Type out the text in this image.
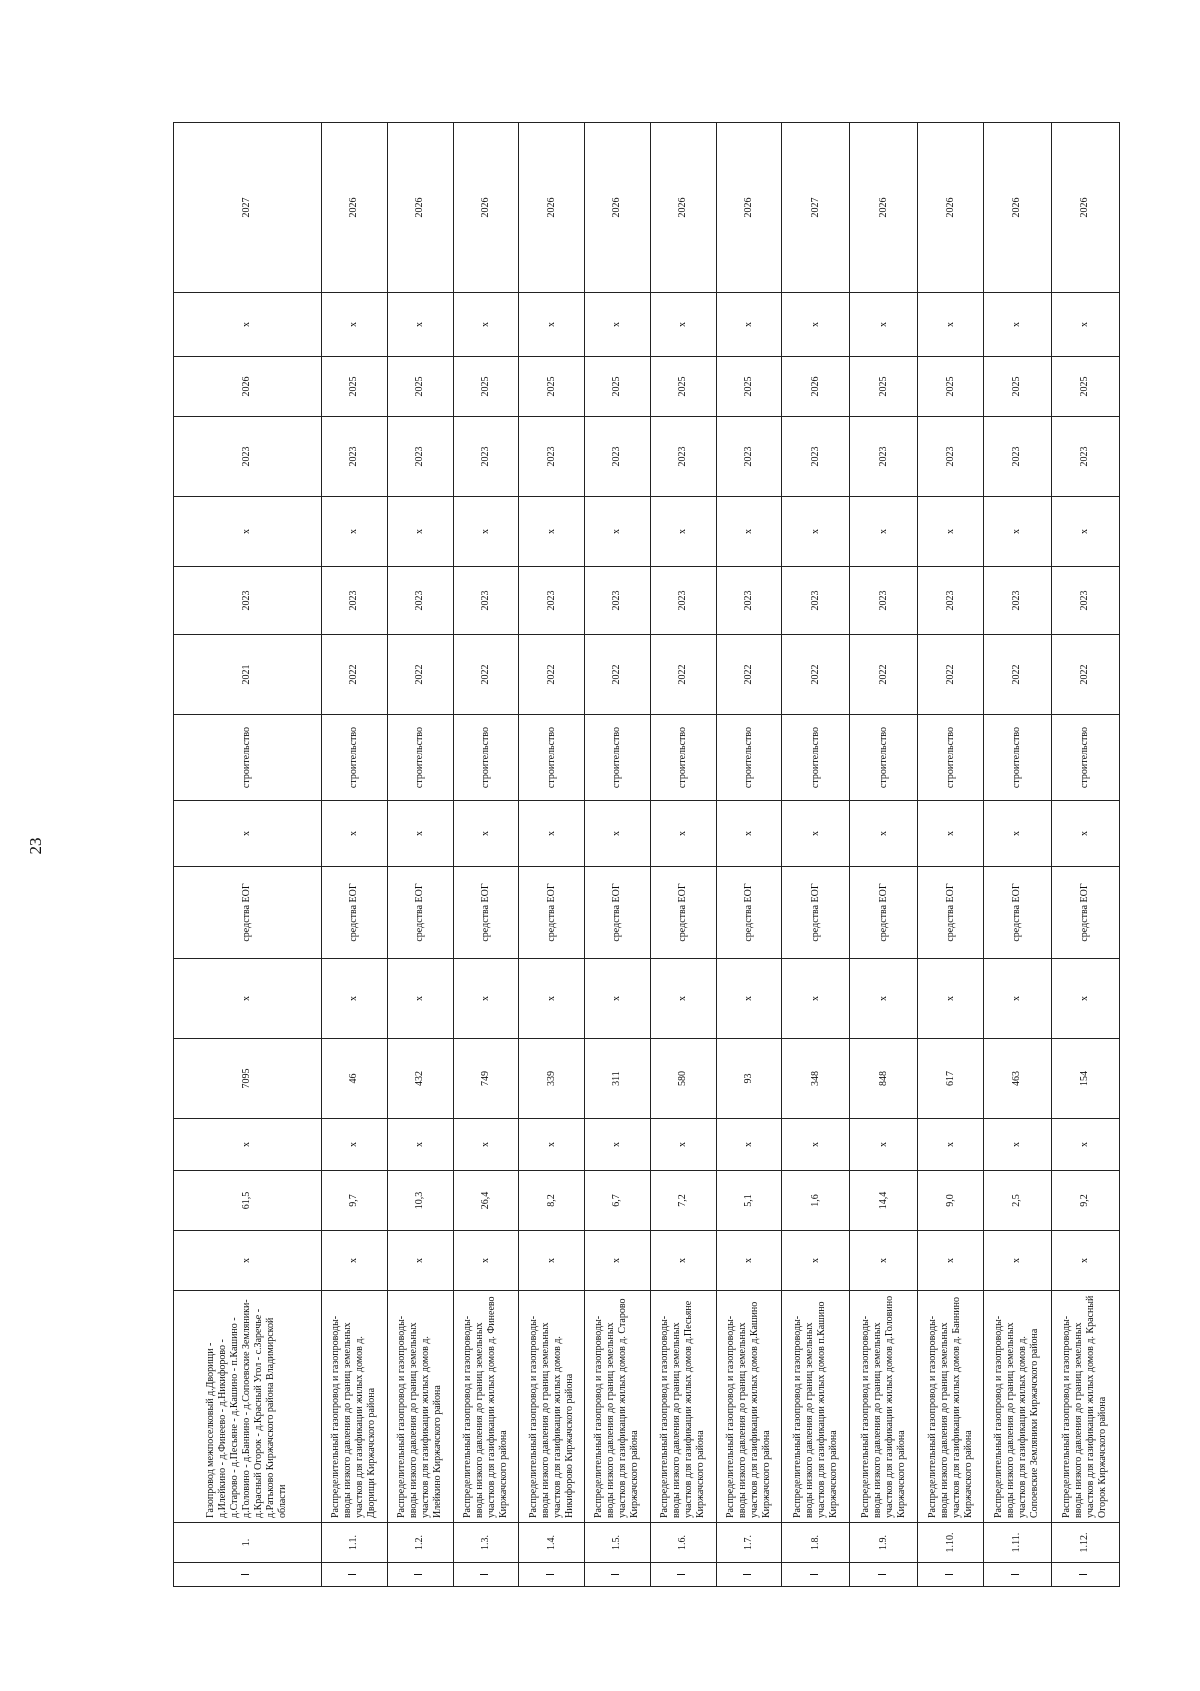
23
	1.	Газопровод межпоселковый д.Дворищи - д.Илейкино - д.Финеево - д.Никифорово - д.Старово - д.Песьяне - д.Кашино - п.Кашино - д.Головино - д.Баннино - д.Сопоевские Земляники- д.Красный Огорок - д.Красный Угол - с.Заречье - д.Ратьково Киржачского района Владимирской области	х	61,5	х	7095	х	средства ЕОГ	х	строительство	2021	2023	х	2023	2026	х	2027	
	1.1.	Распределительный газопровод и газопроводы-вводы низкого давления до границ земельных участков для газификации жилых домов д. Дворищи Киржачского района	х	9,7	х	46	х	средства ЕОГ	х	строительство	2022	2023	х	2023	2025	х	2026	
	1.2.	Распределительный газопровод и газопроводы-вводы низкого давления до границ земельных участков для газификации жилых домов д. Илейкино Киржачского района	х	10,3	х	432	х	средства ЕОГ	х	строительство	2022	2023	х	2023	2025	х	2026	
	1.3.	Распределительный газопровод и газопроводы-вводы низкого давления до границ земельных участков для газификации жилых домов д. Финеево Киржачского района	х	26,4	х	749	х	средства ЕОГ	х	строительство	2022	2023	х	2023	2025	х	2026	
	1.4.	Распределительный газопровод и газопроводы-вводы низкого давления до границ земельных участков для газификации жилых домов д. Никифорово Киржачского района	х	8,2	х	339	х	средства ЕОГ	х	строительство	2022	2023	х	2023	2025	х	2026	
	1.5.	Распределительный газопровод и газопроводы-вводы низкого давления до границ земельных участков для газификации жилых домов д. Старово Киржачского района	х	6,7	х	311	х	средства ЕОГ	х	строительство	2022	2023	х	2023	2025	х	2026	
	1.6.	Распределительный газопровод и газопроводы-вводы низкого давления до границ земельных участков для газификации жилых домов д.Песьяне Киржачского района	х	7,2	х	580	х	средства ЕОГ	х	строительство	2022	2023	х	2023	2025	х	2026	
	1.7.	Распределительный газопровод и газопроводы-вводы низкого давления до границ земельных участков для газификации жилых домов д.Кашино Киржачского района	х	5,1	х	93	х	средства ЕОГ	х	строительство	2022	2023	х	2023	2025	х	2026	
	1.8.	Распределительный газопровод и газопроводы-вводы низкого давления до границ земельных участков для газификации жилых домов п.Кашино Киржачского района	х	1,6	х	348	х	средства ЕОГ	х	строительство	2022	2023	х	2023	2026	х	2027	
	1.9.	Распределительный газопровод и газопроводы-вводы низкого давления до границ земельных участков для газификации жилых домов д.Головино Киржачского района	х	14,4	х	848	х	средства ЕОГ	х	строительство	2022	2023	х	2023	2025	х	2026	
	1.10.	Распределительный газопровод и газопроводы-вводы низкого давления до границ земельных участков для газификации жилых домов д. Баннино Киржачского района	х	9,0	х	617	х	средства ЕОГ	х	строительство	2022	2023	х	2023	2025	х	2026	
	1.11.	Распределительный газопровод и газопроводы-вводы низкого давления до границ земельных участков для газификации жилых домов д. Сопоевские Земляники Киржачского района	х	2,5	х	463	х	средства ЕОГ	х	строительство	2022	2023	х	2023	2025	х	2026	
	1.12.	Распределительный газопровод и газопроводы-вводы низкого давления до границ земельных участков для газификации жилых домов д. Красный Огорок Киржачского района	х	9,2	х	154	х	средства ЕОГ	х	строительство	2022	2023	х	2023	2025	х	2026	
